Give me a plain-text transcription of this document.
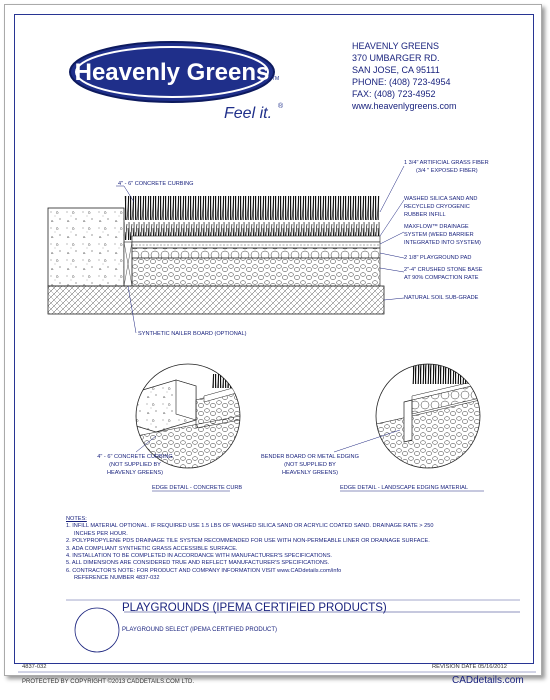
Heavenly Greens TM
Feel it. ®
HEAVENLY GREENS
370 UMBARGER RD.
SAN JOSE, CA 95111
PHONE: (408) 723-4954
FAX: (408) 723-4952
www.heavenlygreens.com
4" - 6" CONCRETE CURBING
1 3/4" ARTIFICIAL GRASS FIBER
(3/4 " EXPOSED FIBER)
WASHED SILICA SAND AND
RECYCLED CRYOGENIC
RUBBER INFILL
MAXFLOW™ DRAINAGE
SYSTEM (WEED BARRIER
INTEGRATED INTO SYSTEM)
2 1/8" PLAYGROUND PAD
2"-4" CRUSHED STONE BASE
AT 90% COMPACTION RATE
NATURAL SOIL SUB-GRADE
SYNTHETIC NAILER BOARD (OPTIONAL)
4" - 6" CONCRETE CURBING
(NOT SUPPLIED BY
HEAVENLY GREENS)
EDGE DETAIL - CONCRETE CURB
BENDER BOARD OR METAL EDGING
(NOT SUPPLIED BY
HEAVENLY GREENS)
EDGE DETAIL - LANDSCAPE EDGING MATERIAL
NOTES:
1. INFILL MATERIAL OPTIONAL. IF REQUIRED USE 1.5 LBS OF WASHED SILICA SAND OR ACRYLIC COATED SAND. DRAINAGE RATE > 250
INCHES PER HOUR.
2. POLYPROPYLENE PDS DRAINAGE TILE SYSTEM RECOMMENDED FOR USE WITH NON-PERMEABLE LINER OR DRAINAGE SURFACE.
3. ADA COMPLIANT SYNTHETIC GRASS ACCESSIBLE SURFACE.
4. INSTALLATION TO BE COMPLETED IN ACCORDANCE WITH MANUFACTURER'S SPECIFICATIONS.
5. ALL DIMENSIONS ARE CONSIDERED TRUE AND REFLECT MANUFACTURER'S SPECIFICATIONS.
6. CONTRACTOR'S NOTE: FOR PRODUCT AND COMPANY INFORMATION VISIT www.CADdetails.com/info
REFERENCE NUMBER 4837-032
PLAYGROUNDS (IPEMA CERTIFIED PRODUCTS)
PLAYGROUND SELECT (IPEMA CERTIFIED PRODUCT)
4837-032	REVISION DATE 05/16/2012
PROTECTED BY COPYRIGHT ©2013 CADDETAILS.COM LTD.	CADdetails.com
